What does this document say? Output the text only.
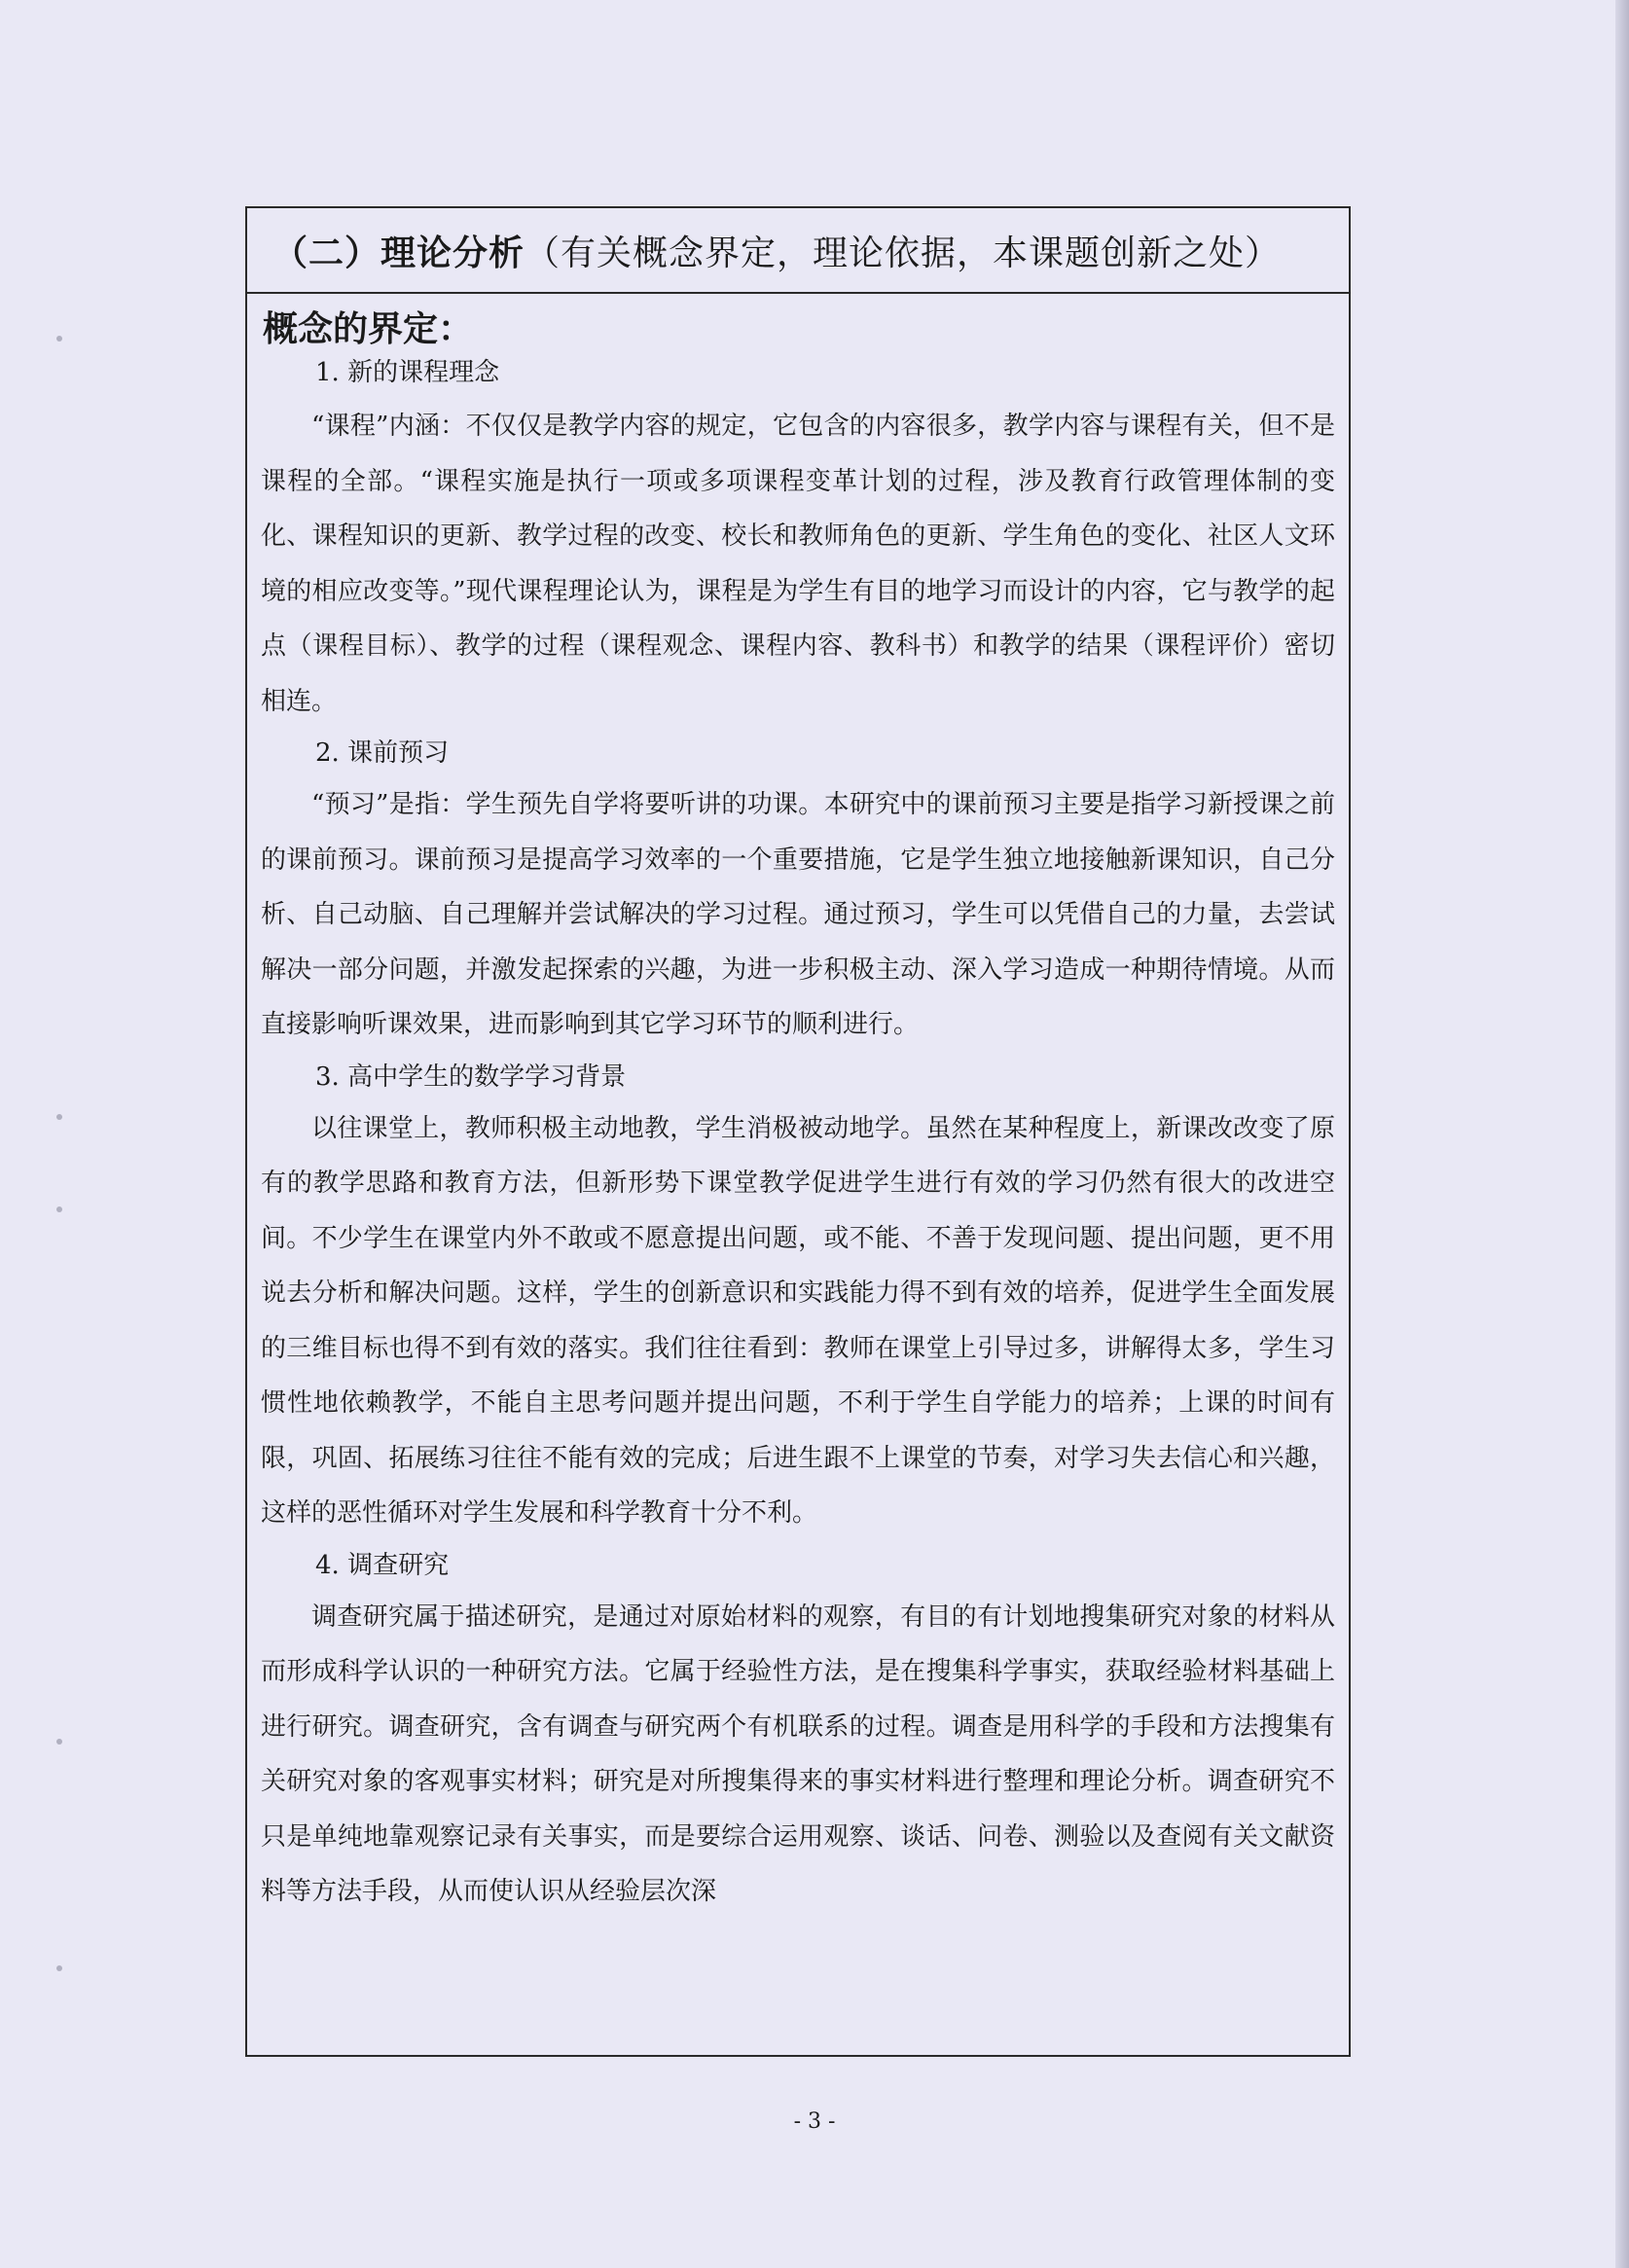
（二）理论分析 （有关概念界定，理论依据，本课题创新之处）
概念的界定：
1. 新的课程理念

“课程”内涵：不仅仅是教学内容的规定，它包含的内容很多，教学内容与课程有关，但不是课程的全部。“课程实施是执行一项或多项课程变革计划的过程，涉及教育行政管理体制的变化、课程知识的更新、教学过程的改变、校长和教师角色的更新、学生角色的变化、社区人文环境的相应改变等。”现代课程理论认为，课程是为学生有目的地学习而设计的内容，它与教学的起点（课程目标）、教学的过程（课程观念、课程内容、教科书）和教学的结果（课程评价）密切相连。

2. 课前预习

“预习”是指：学生预先自学将要听讲的功课。本研究中的课前预习主要是指学习新授课之前的课前预习。课前预习是提高学习效率的一个重要措施，它是学生独立地接触新课知识，自己分析、自己动脑、自己理解并尝试解决的学习过程。通过预习，学生可以凭借自己的力量，去尝试解决一部分问题，并激发起探索的兴趣，为进一步积极主动、深入学习造成一种期待情境。从而直接影响听课效果，进而影响到其它学习环节的顺利进行。

3. 高中学生的数学学习背景

以往课堂上，教师积极主动地教，学生消极被动地学。虽然在某种程度上，新课改改变了原有的教学思路和教育方法，但新形势下课堂教学促进学生进行有效的学习仍然有很大的改进空间。不少学生在课堂内外不敢或不愿意提出问题，或不能、不善于发现问题、提出问题，更不用说去分析和解决问题。这样，学生的创新意识和实践能力得不到有效的培养，促进学生全面发展的三维目标也得不到有效的落实。我们往往看到：教师在课堂上引导过多，讲解得太多，学生习惯性地依赖教学，不能自主思考问题并提出问题，不利于学生自学能力的培养；上课的时间有限，巩固、拓展练习往往不能有效的完成；后进生跟不上课堂的节奏，对学习失去信心和兴趣，这样的恶性循环对学生发展和科学教育十分不利。

4. 调查研究

调查研究属于描述研究，是通过对原始材料的观察，有目的有计划地搜集研究对象的材料从而形成科学认识的一种研究方法。它属于经验性方法，是在搜集科学事实，获取经验材料基础上进行研究。调查研究，含有调查与研究两个有机联系的过程。调查是用科学的手段和方法搜集有关研究对象的客观事实材料；研究是对所搜集得来的事实材料进行整理和理论分析。调查研究不只是单纯地靠观察记录有关事实，而是要综合运用观察、谈话、问卷、测验以及查阅有关文献资料等方法手段，从而使认识从经验层次深

- 3 -
